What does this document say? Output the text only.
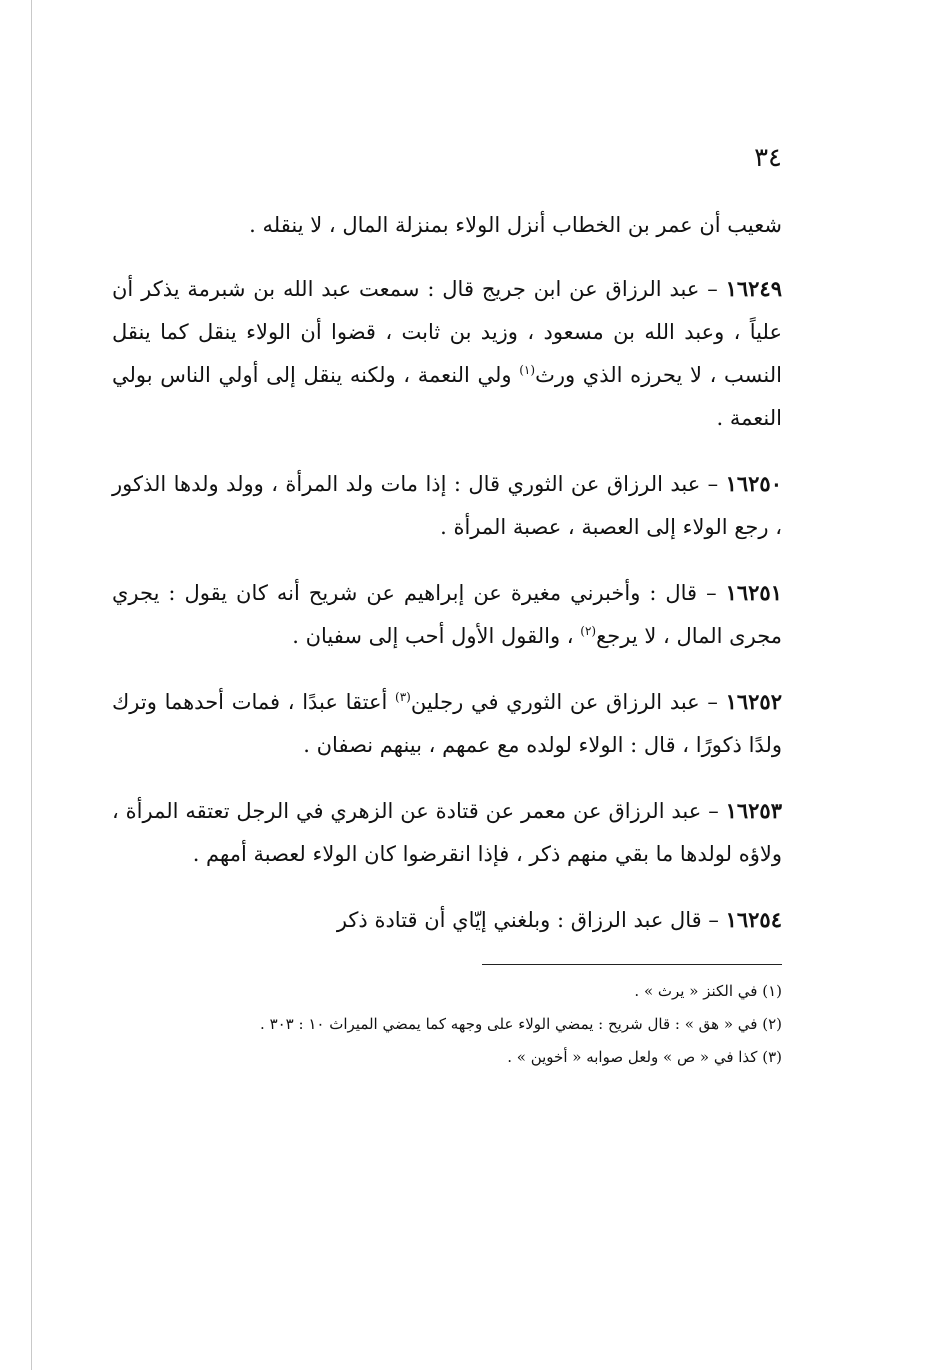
٣٤

شعيب أن عمر بن الخطاب أنزل الولاء بمنزلة المال ، لا ينقله .

١٦٢٤٩ – عبد الرزاق عن ابن جريج قال : سمعت عبد الله بن شبرمة يذكر أن علياً ، وعبد الله بن مسعود ، وزيد بن ثابت ، قضوا أن الولاء ينقل كما ينقل النسب ، لا يحرزه الذي ورث$^{(١)}$ ولي النعمة ، ولكنه ينقل إلى أولي الناس بولي النعمة .

١٦٢٥٠ – عبد الرزاق عن الثوري قال : إذا مات ولد المرأة ، وولد ولدها الذكور ، رجع الولاء إلى العصبة ، عصبة المرأة .

١٦٢٥١ – قال : وأخبرني مغيرة عن إبراهيم عن شريح أنه كان يقول : يجري مجرى المال ، لا يرجع$^{(٢)}$ ، والقول الأول أحب إلى سفيان .

١٦٢٥٢ – عبد الرزاق عن الثوري في رجلين$^{(٣)}$ أعتقا عبدًا ، فمات أحدهما وترك ولدًا ذكورًا ، قال : الولاء لولده مع عمهم ، بينهم نصفان .

١٦٢٥٣ – عبد الرزاق عن معمر عن قتادة عن الزهري في الرجل تعتقه المرأة ، ولاؤه لولدها ما بقي منهم ذكر ، فإذا انقرضوا كان الولاء لعصبة أمهم .

١٦٢٥٤ – قال عبد الرزاق : وبلغني إيّاي أن قتادة ذكر

(١) في الكنز « يرث » .

(٢) في « هق » : قال شريح : يمضي الولاء على وجهه كما يمضي الميراث ١٠ : ٣٠٣ .

(٣) كذا في « ص » ولعل صوابه « أخوين » .
